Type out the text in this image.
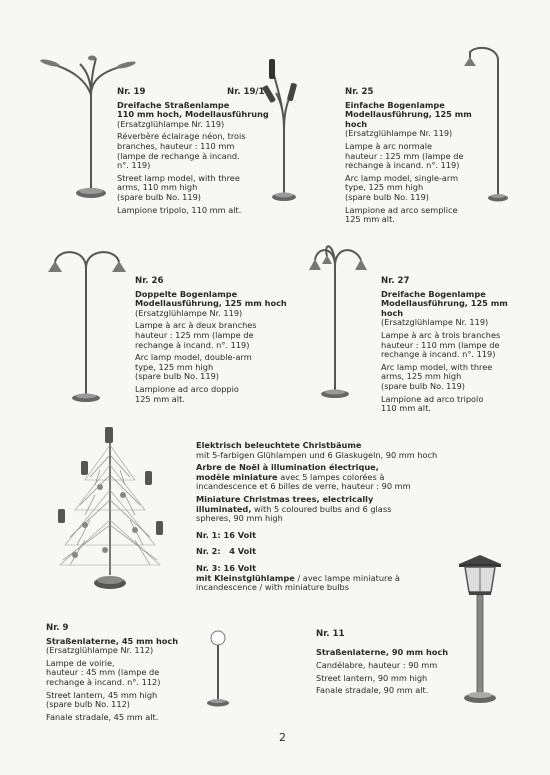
Nr. 19	Nr. 19/1
Dreifache Straßenlampe
110 mm hoch, Modellausführung
(Ersatzglühlampe Nr. 119)
Réverbère éclairage néon, trois
branches, hauteur : 110 mm
(lampe de rechange à incand.
n°. 119)
Street lamp model, with three
arms, 110 mm high
(spare bulb No. 119)
Lampione tripolo, 110 mm alt.
Nr. 25
Einfache Bogenlampe
Modellausführung, 125 mm hoch
(Ersatzglühlampe Nr. 119)
Lampe à arc normale
hauteur : 125 mm (lampe de
rechange à incand. n°. 119)
Arc lamp model, single-arm
type, 125 mm high
(spare bulb No. 119)
Lampione ad arco semplice
125 mm alt.
Nr. 26
Doppelte Bogenlampe
Modellausführung, 125 mm hoch
(Ersatzglühlampe Nr. 119)
Lampe à arc à deux branches
hauteur : 125 mm (lampe de
rechange à incand. n°. 119)
Arc lamp model, double-arm
type, 125 mm high
(spare bulb No. 119)
Lampione ad arco doppio
125 mm alt.
Nr. 27
Dreifache Bogenlampe
Modellausführung, 125 mm hoch
(Ersatzglühlampe Nr. 119)
Lampe à arc à trois branches
hauteur : 110 mm (lampe de
rechange à incand. n°. 119)
Arc lamp model, with three
arms, 125 mm high
(spare bulb No. 119)
Lampione ad arco tripolo
110 mm alt.
Elektrisch beleuchtete Christbäume
mit 5-farbigen Glühlampen und 6 Glaskugeln, 90 mm hoch
Arbre de Noël à illumination électrique,
modèle miniature avec 5 lampes colorées à
incandescence et 6 billes de verre, hauteur : 90 mm
Miniature Christmas trees, electrically
illuminated, with 5 coloured bulbs and 6 glass
spheres, 90 mm high
Nr. 1: 16 Volt
Nr. 2:   4 Volt
Nr. 3: 16 Volt
mit Kleinstglühlampe / avec lampe miniature à
incandescence / with miniature bulbs
Nr. 9
Straßenlaterne, 45 mm hoch
(Ersatzglühlampe Nr. 112)
Lampe de voirie,
hauteur : 45 mm (lampe de
rechange à incand. n°. 112)
Street lantern, 45 mm high
(spare bulb No. 112)
Fanale stradale, 45 mm alt.
Nr. 11
Straßenlaterne, 90 mm hoch
Candélabre, hauteur : 90 mm
Street lantern, 90 mm high
Fanale stradale, 90 mm alt.
2
